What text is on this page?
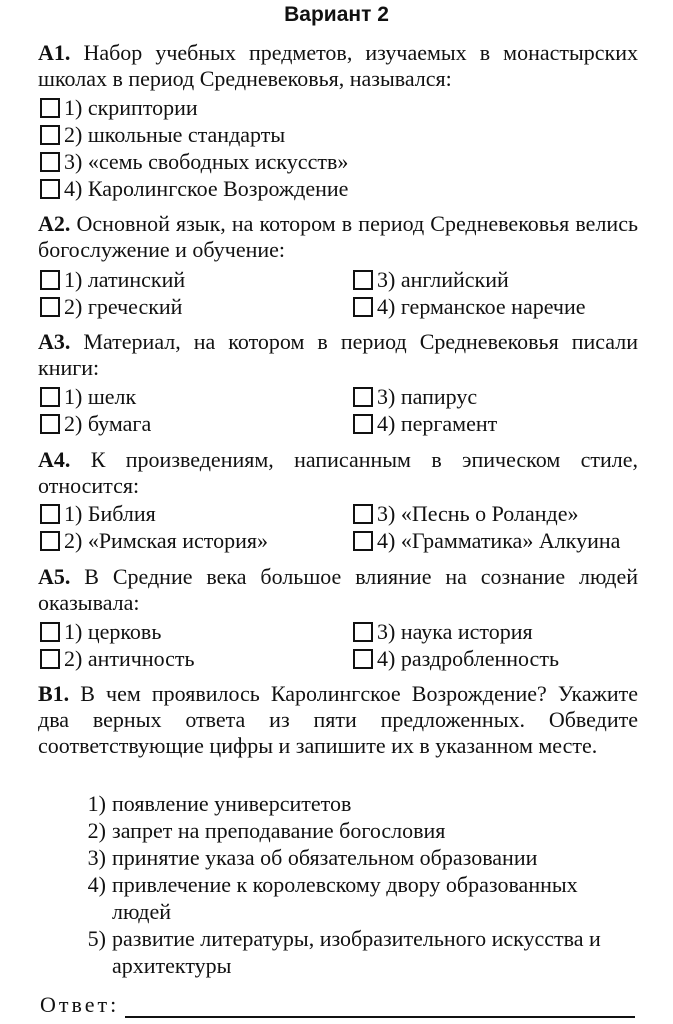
Вариант 2
А1. Набор учебных предметов, изучаемых в монастырских школах в период Средневековья, назывался:
1) скриптории
2) школьные стандарты
3) «семь свободных искусств»
4) Каролингское Возрождение
А2. Основной язык, на котором в период Средневековья велись богослужение и обучение:
1) латинский
2) греческий
3) английский
4) германское наречие
А3. Материал, на котором в период Средневековья писали книги:
1) шелк
2) бумага
3) папирус
4) пергамент
А4. К произведениям, написанным в эпическом стиле, относится:
1) Библия
2) «Римская история»
3) «Песнь о Роланде»
4) «Грамматика» Алкуина
А5. В Средние века большое влияние на сознание людей оказывала:
1) церковь
2) античность
3) наука история
4) раздробленность
В1. В чем проявилось Каролингское Возрождение? Укажите два верных ответа из пяти предложенных. Обведите соответствующие цифры и запишите их в указанном месте.
1) появление университетов
2) запрет на преподавание богословия
3) принятие указа об обязательном образовании
4) привлечение к королевскому двору образованных людей
5) развитие литературы, изобразительного искусства и архитектуры
Ответ:
